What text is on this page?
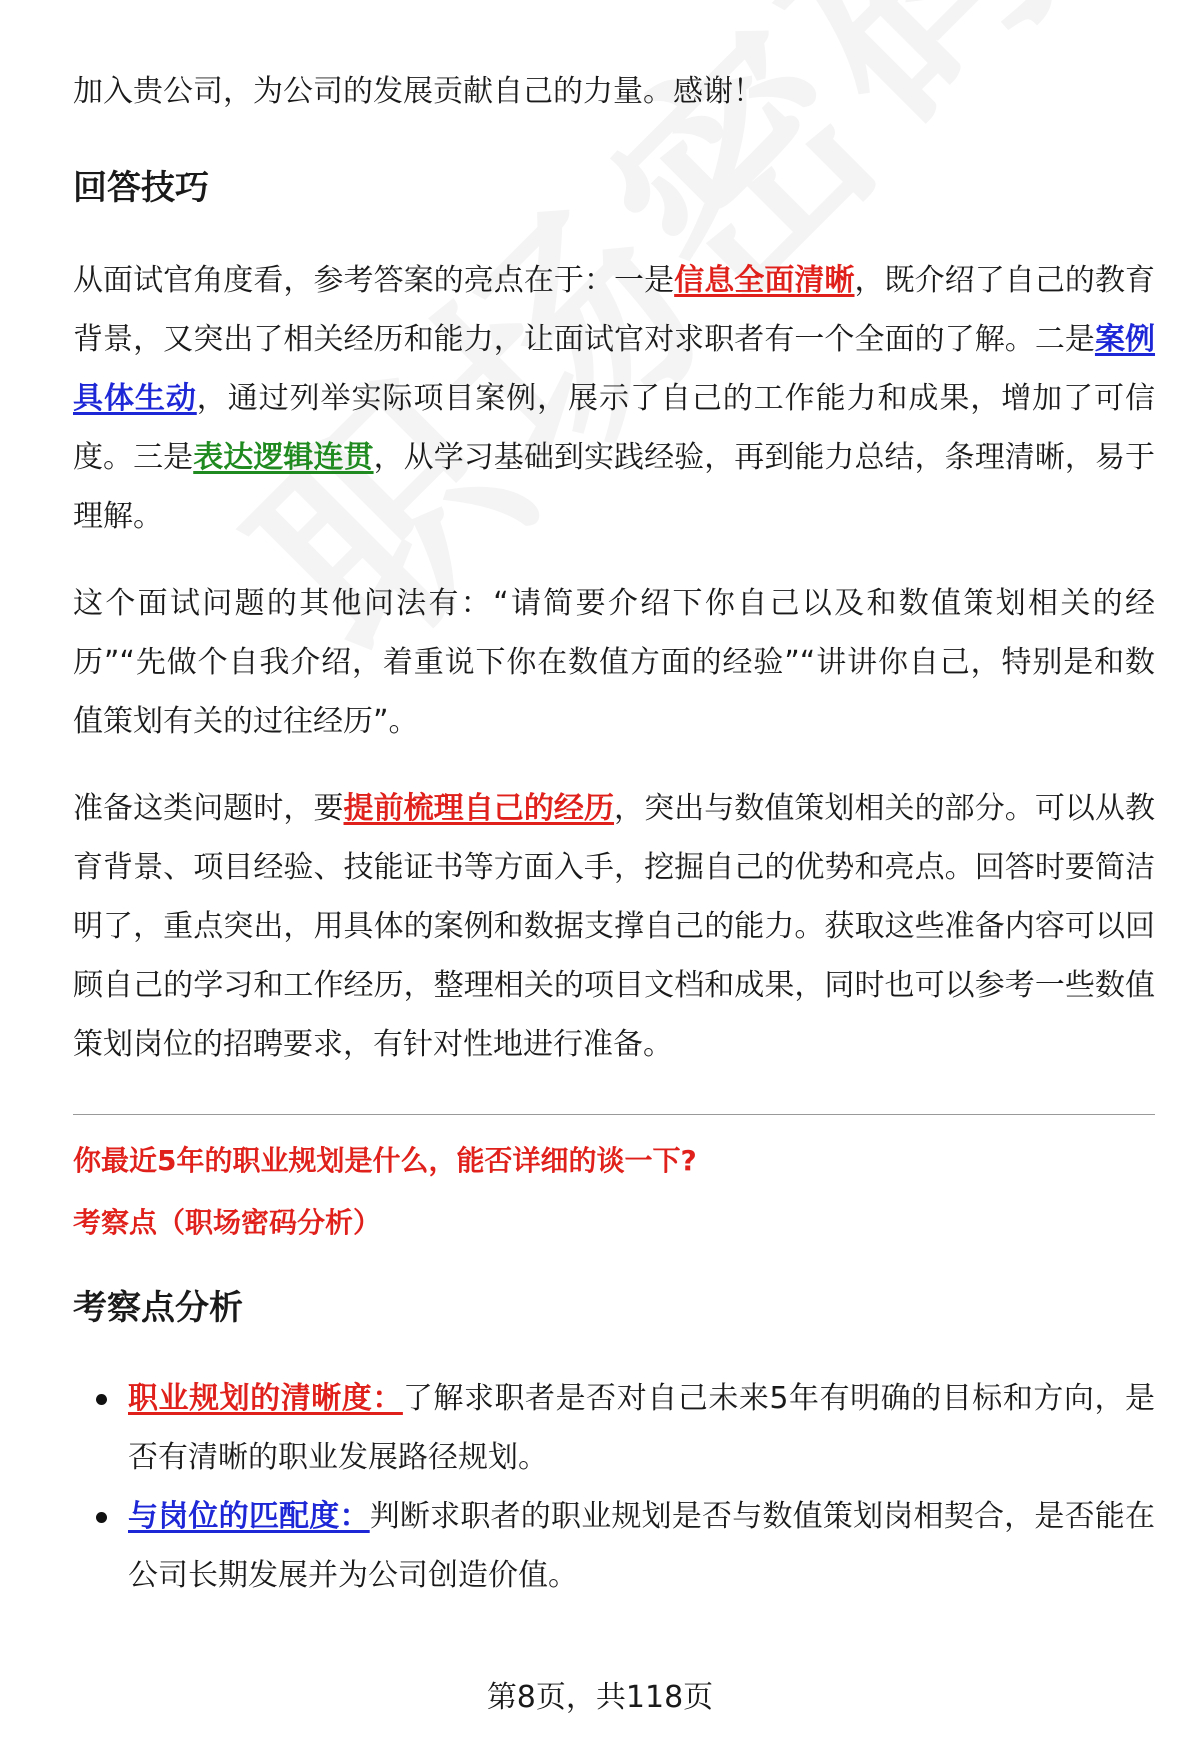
加入贵公司，为公司的发展贡献自己的力量。感谢！

回答技巧

从面试官角度看，参考答案的亮点在于：一是信息全面清晰，既介绍了自己的教育背景，又突出了相关经历和能力，让面试官对求职者有一个全面的了解。二是案例具体生动，通过列举实际项目案例，展示了自己的工作能力和成果，增加了可信度。三是表达逻辑连贯，从学习基础到实践经验，再到能力总结，条理清晰，易于理解。

这个面试问题的其他问法有：“请简要介绍下你自己以及和数值策划相关的经历”“先做个自我介绍，着重说下你在数值方面的经验”“讲讲你自己，特别是和数值策划有关的过往经历”。

准备这类问题时，要提前梳理自己的经历，突出与数值策划相关的部分。可以从教育背景、项目经验、技能证书等方面入手，挖掘自己的优势和亮点。回答时要简洁明了，重点突出，用具体的案例和数据支撑自己的能力。获取这些准备内容可以回顾自己的学习和工作经历，整理相关的项目文档和成果，同时也可以参考一些数值策划岗位的招聘要求，有针对性地进行准备。

你最近5年的职业规划是什么，能否详细的谈一下?

考察点（职场密码分析）

考察点分析
职业规划的清晰度：了解求职者是否对自己未来5年有明确的目标和方向，是否有清晰的职业发展路径规划。
与岗位的匹配度：判断求职者的职业规划是否与数值策划岗相契合，是否能在公司长期发展并为公司创造价值。
第8页，共118页
